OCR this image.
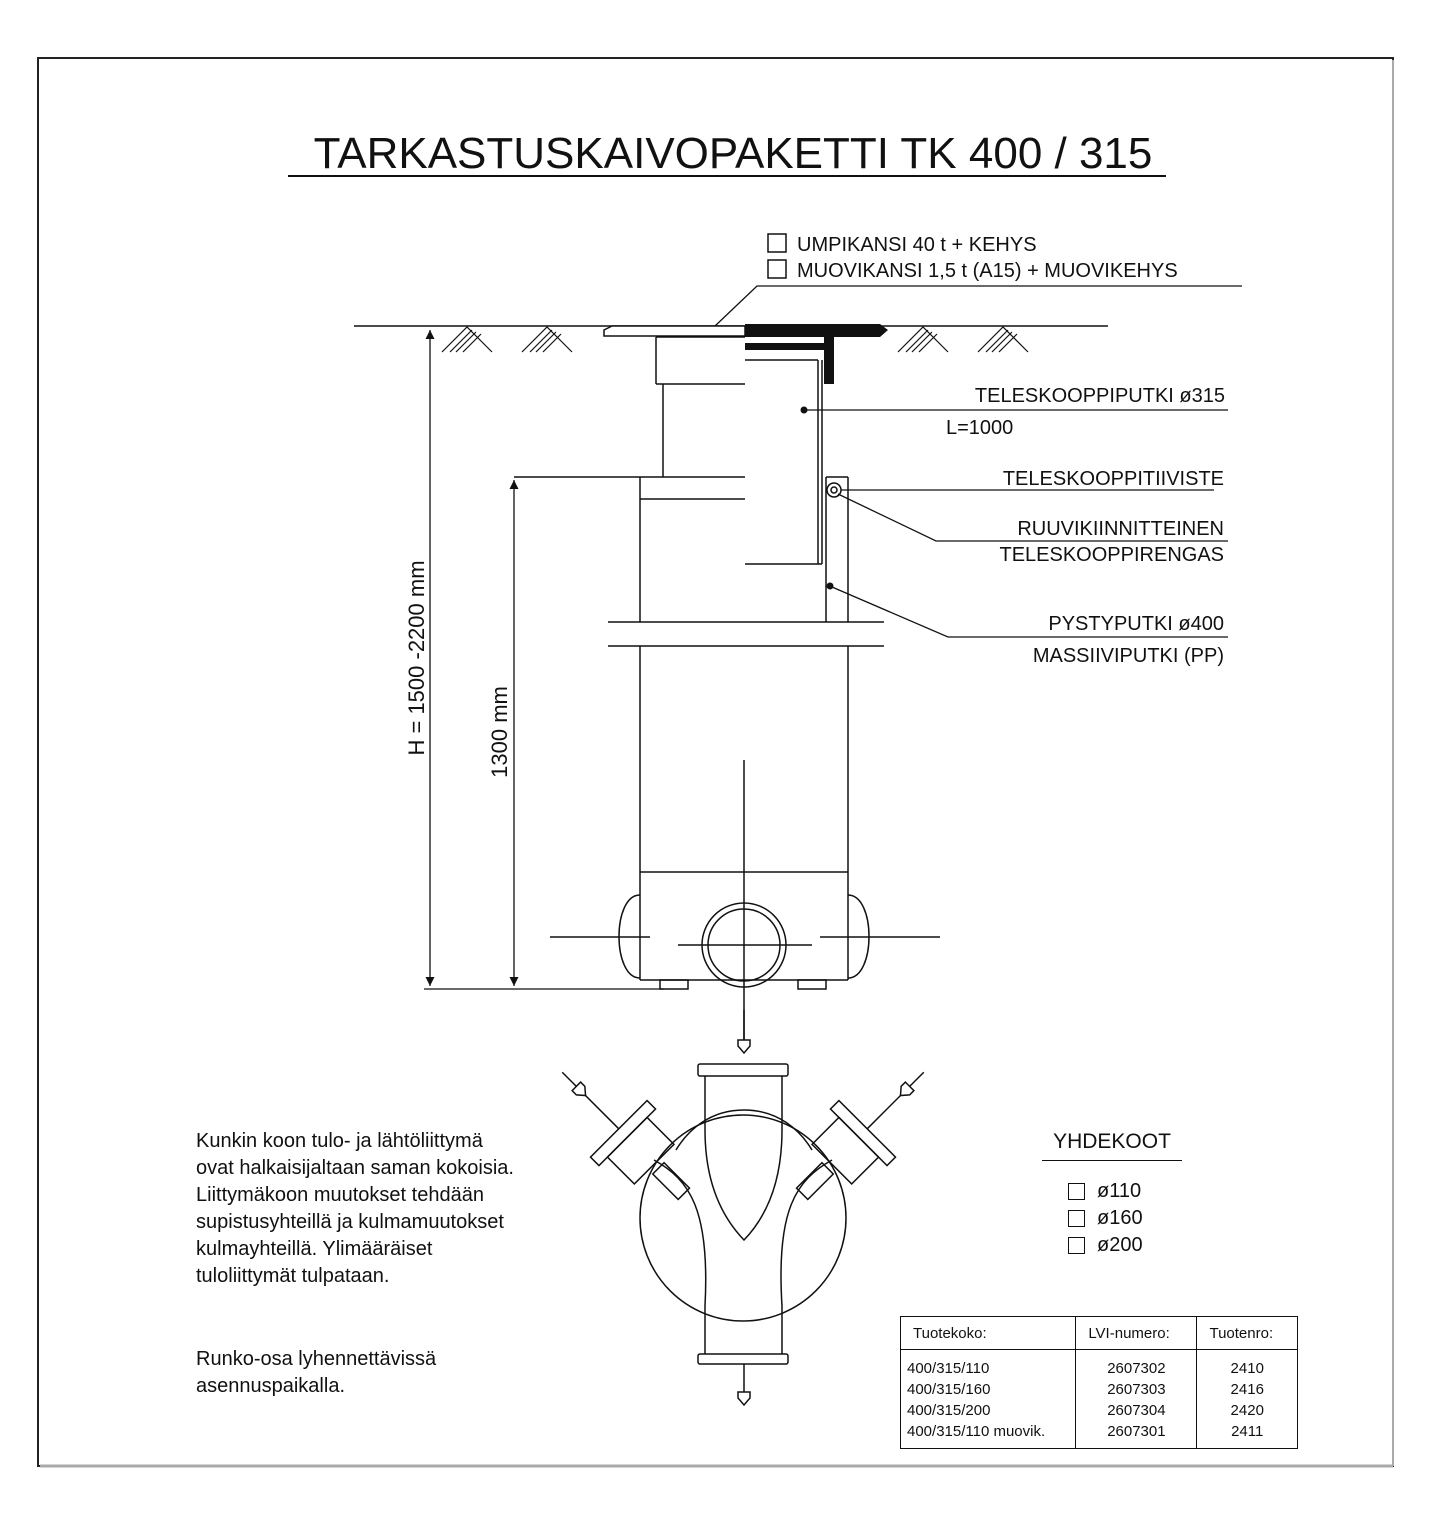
TARKASTUSKAIVOPAKETTI TK 400 / 315
UMPIKANSI 40 t + KEHYS
MUOVIKANSI 1,5 t (A15) + MUOVIKEHYS
H = 1500 -2200 mm	1300 mm
TELESKOOPPIPUTKI ø315
L=1000
TELESKOOPPITIIVISTE
RUUVIKIINNITTEINEN
TELESKOOPPIRENGAS
PYSTYPUTKI ø400
MASSIIVIPUTKI (PP)

Kunkin koon tulo- ja lähtöliittymä

ovat halkaisijaltaan saman kokoisia.

Liittymäkoon muutokset tehdään

supistusyhteillä ja kulmamuutokset

kulmayhteillä. Ylimääräiset

tuloliittymät tulpataan.

Runko-osa lyhennettävissä

asennuspaikalla.

YHDEKOOT
ø110
ø160
ø200
Tuotekoko:	LVI-numero:	Tuotenro:
400/315/110	2607302	2410
400/315/160	2607303	2416
400/315/200	2607304	2420
400/315/110 muovik.	2607301	2411
